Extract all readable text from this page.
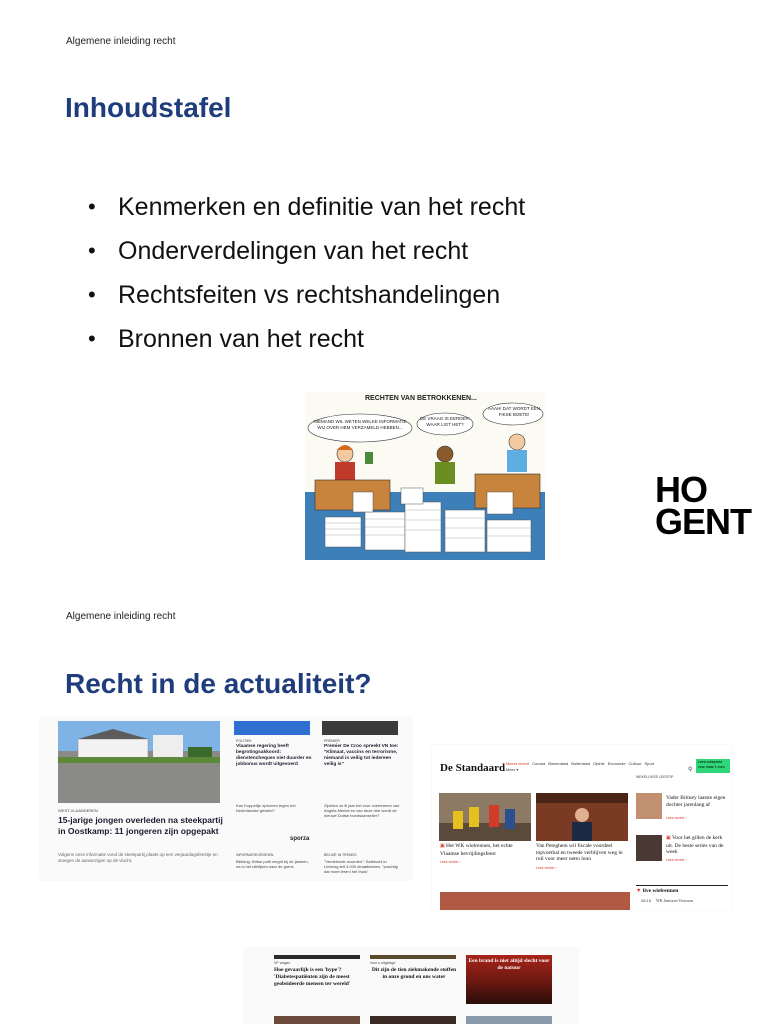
Algemene inleiding recht
Inhoudstafel
• Kenmerken en definitie van het recht
• Onderverdelingen van het recht
• Rechtsfeiten vs rechtshandelingen
• Bronnen van het recht
RECHTEN VAN BETROKKENEN...
NIEMAND WIL WETEN WELKE INFORMATIE WIJ OVER HEM VERZAMELD HEBBEN...
DE VRAAG IS EERDER: WAAR LIGT HET?
AAAH! DAT WORDT EEN FIKSE BOETE!
HO
GENT
Algemene inleiding recht
Recht in de actualiteit?
WEST-VLAANDEREN
15-jarige jongen overleden na steekpartij in Oostkamp: 11 jongeren zijn opgepakt
Volgens onze informatie vond de steekpartij plaats op een verjaardagsfeestje en stoegen de aanwezigen op de vlucht.
POLITIEK
Vlaamse regering heeft begrotingsakkoord: dienstencheques niet duurder en jobbonus wordt uitgevoerd
Kan Koppeltje optornen tegen het Nederlandse geweld?
sporza
INFORMATIEGROEIEN
Blikking: Britse polit vergrit bij de jasteen, na is het uitblijven naar de grens
PREMIER
Premier De Croo spreekt VN toe: "Klimaat, vaccins en terrorisme, niemand is veilig tot iedereen veilig is"
Zijdelen ze lil jaar het voor voertermen van Angela Merkel en van deze drie wordt de nieuwe Duitse bondskanselier?
BELGIË IN TRENDS
"Verdelende woorden": Safetochi in Limburg telt 3.000 straatteksten, "prachtig dat moet leren! het thuis"
De Standaard Meest recent Corona Binnenland Buitenland Opinie Economie Cultuur Sport
Meer ▾	⚲
Lees onbeperkt voor maar 1 euro
WEKELIJKSE LEESTIP
▣ Het WK wielrennen, het echte Vlaamse bevrijdingsfeest
Lees verder ›
Van Peteghem wil fiscale voordeel topvoetbal en tweede verblijven weg in ruil voor meer netto loon
Lees verder ›
Vader Britney laatste eigen dochter jarenlang af
Lees verder ›
▣ Voor het gillen de kerk uit. De beste series van de week
Lees verder ›
▼ live wielrennen
08:15 WK Junioren Vrouwen
VP vragen
Hoe gevaarlijk is een 'hype'? 'Diabetespatiënten zijn de meest geobsideerde mensen ter wereld'
Voor u uitgelegd
Dit zijn de tien ziekmakende stoffen in onze grond en ons water
Een brand is niet altijd slecht voor de natuur
